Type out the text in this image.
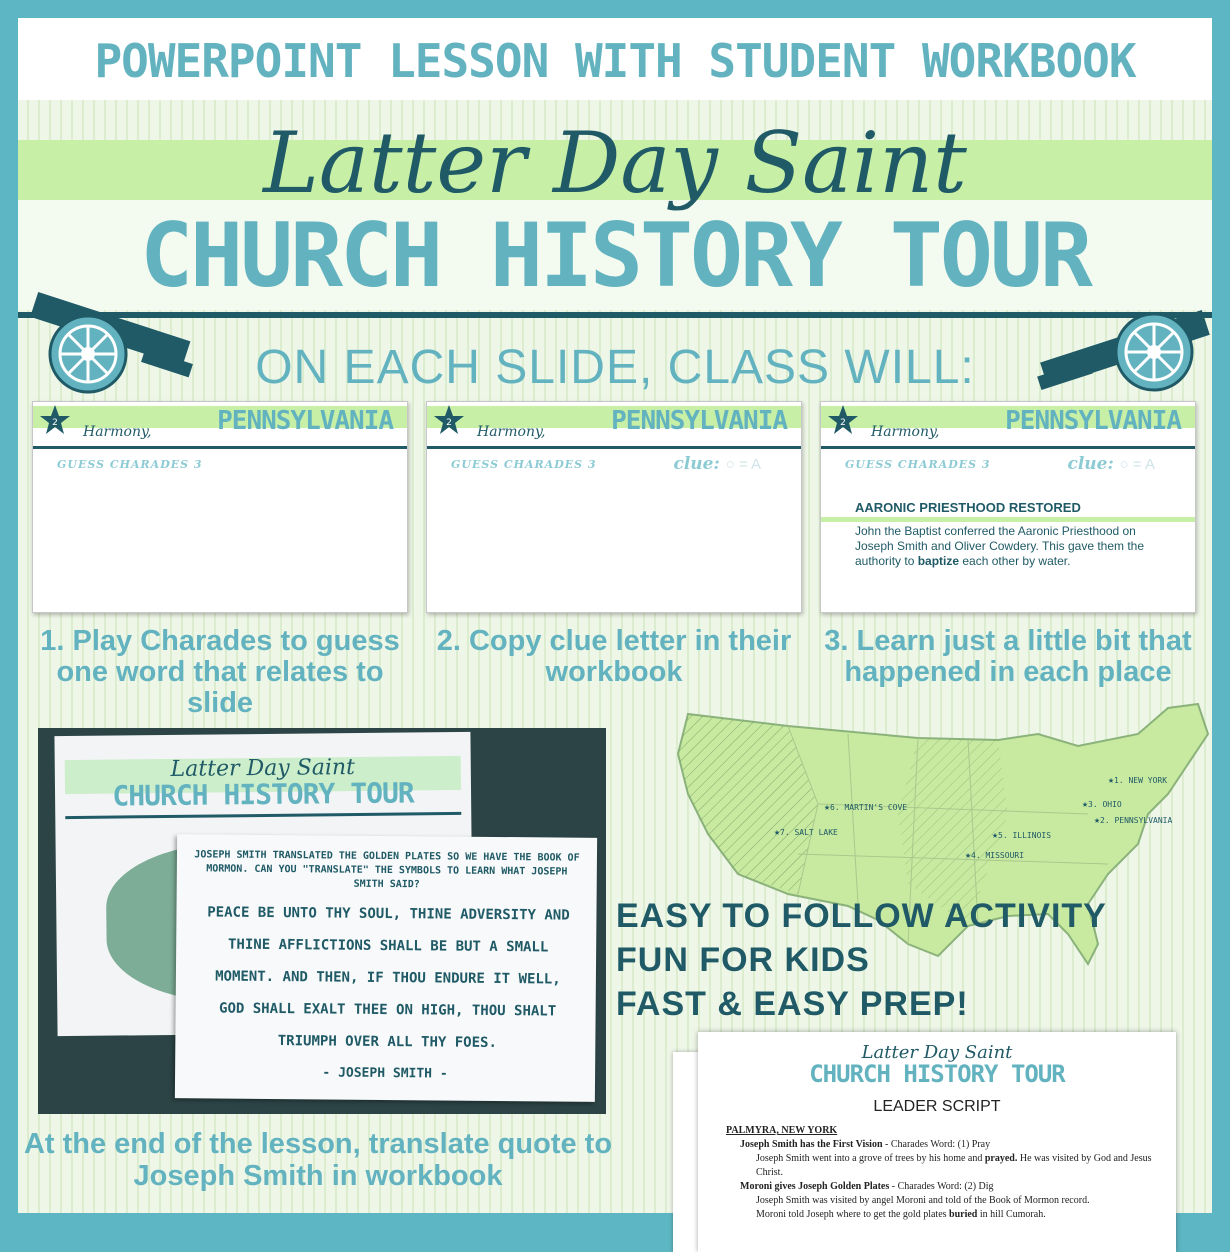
POWERPOINT LESSON WITH STUDENT WORKBOOK
Latter Day Saint
CHURCH HISTORY TOUR
ON EACH SLIDE, CLASS WILL:
2
Harmony,	PENNSYLVANIA
GUESS CHARADES 3
2
Harmony,	PENNSYLVANIA
GUESS CHARADES 3	clue: ○ = A
2
Harmony,	PENNSYLVANIA
GUESS CHARADES 3	clue: ○ = A
AARONIC PRIESTHOOD RESTORED
John the Baptist conferred the Aaronic Priesthood on Joseph Smith and Oliver Cowdery. This gave them the authority to baptize each other by water.
1. Play Charades to guess one word that relates to slide
2. Copy clue letter in their workbook
3. Learn just a little bit that happened in each place
Latter Day Saint
CHURCH HISTORY TOUR
JOSEPH SMITH TRANSLATED THE GOLDEN PLATES SO WE HAVE THE BOOK OF MORMON. CAN YOU "TRANSLATE" THE SYMBOLS TO LEARN WHAT JOSEPH SMITH SAID?
PEACE BE UNTO THY SOUL, THINE ADVERSITY AND THINE AFFLICTIONS SHALL BE BUT A SMALL MOMENT. AND THEN, IF THOU ENDURE IT WELL, GOD SHALL EXALT THEE ON HIGH, THOU SHALT TRIUMPH OVER ALL THY FOES.
- JOSEPH SMITH -
At the end of the lesson, translate quote to Joseph Smith in workbook
★ 1. NEW YORK
★ 2. PENNSYLVANIA
★ 3. OHIO
★ 4. MISSOURI
★ 5. ILLINOIS
★ 6. MARTIN'S COVE
★ 7. SALT LAKE
EASY TO FOLLOW ACTIVITY
FUN FOR KIDS
FAST & EASY PREP!
Latter Day Saint
CHURCH HISTORY TOUR
LEADER SCRIPT
PALMYRA, NEW YORK
Joseph Smith has the First Vision - Charades Word: (1) Pray
Joseph Smith went into a grove of trees by his home and prayed. He was visited by God and Jesus Christ.
Moroni gives Joseph Golden Plates - Charades Word: (2) Dig
Joseph Smith was visited by angel Moroni and told of the Book of Mormon record.
Moroni told Joseph where to get the gold plates buried in hill Cumorah.
